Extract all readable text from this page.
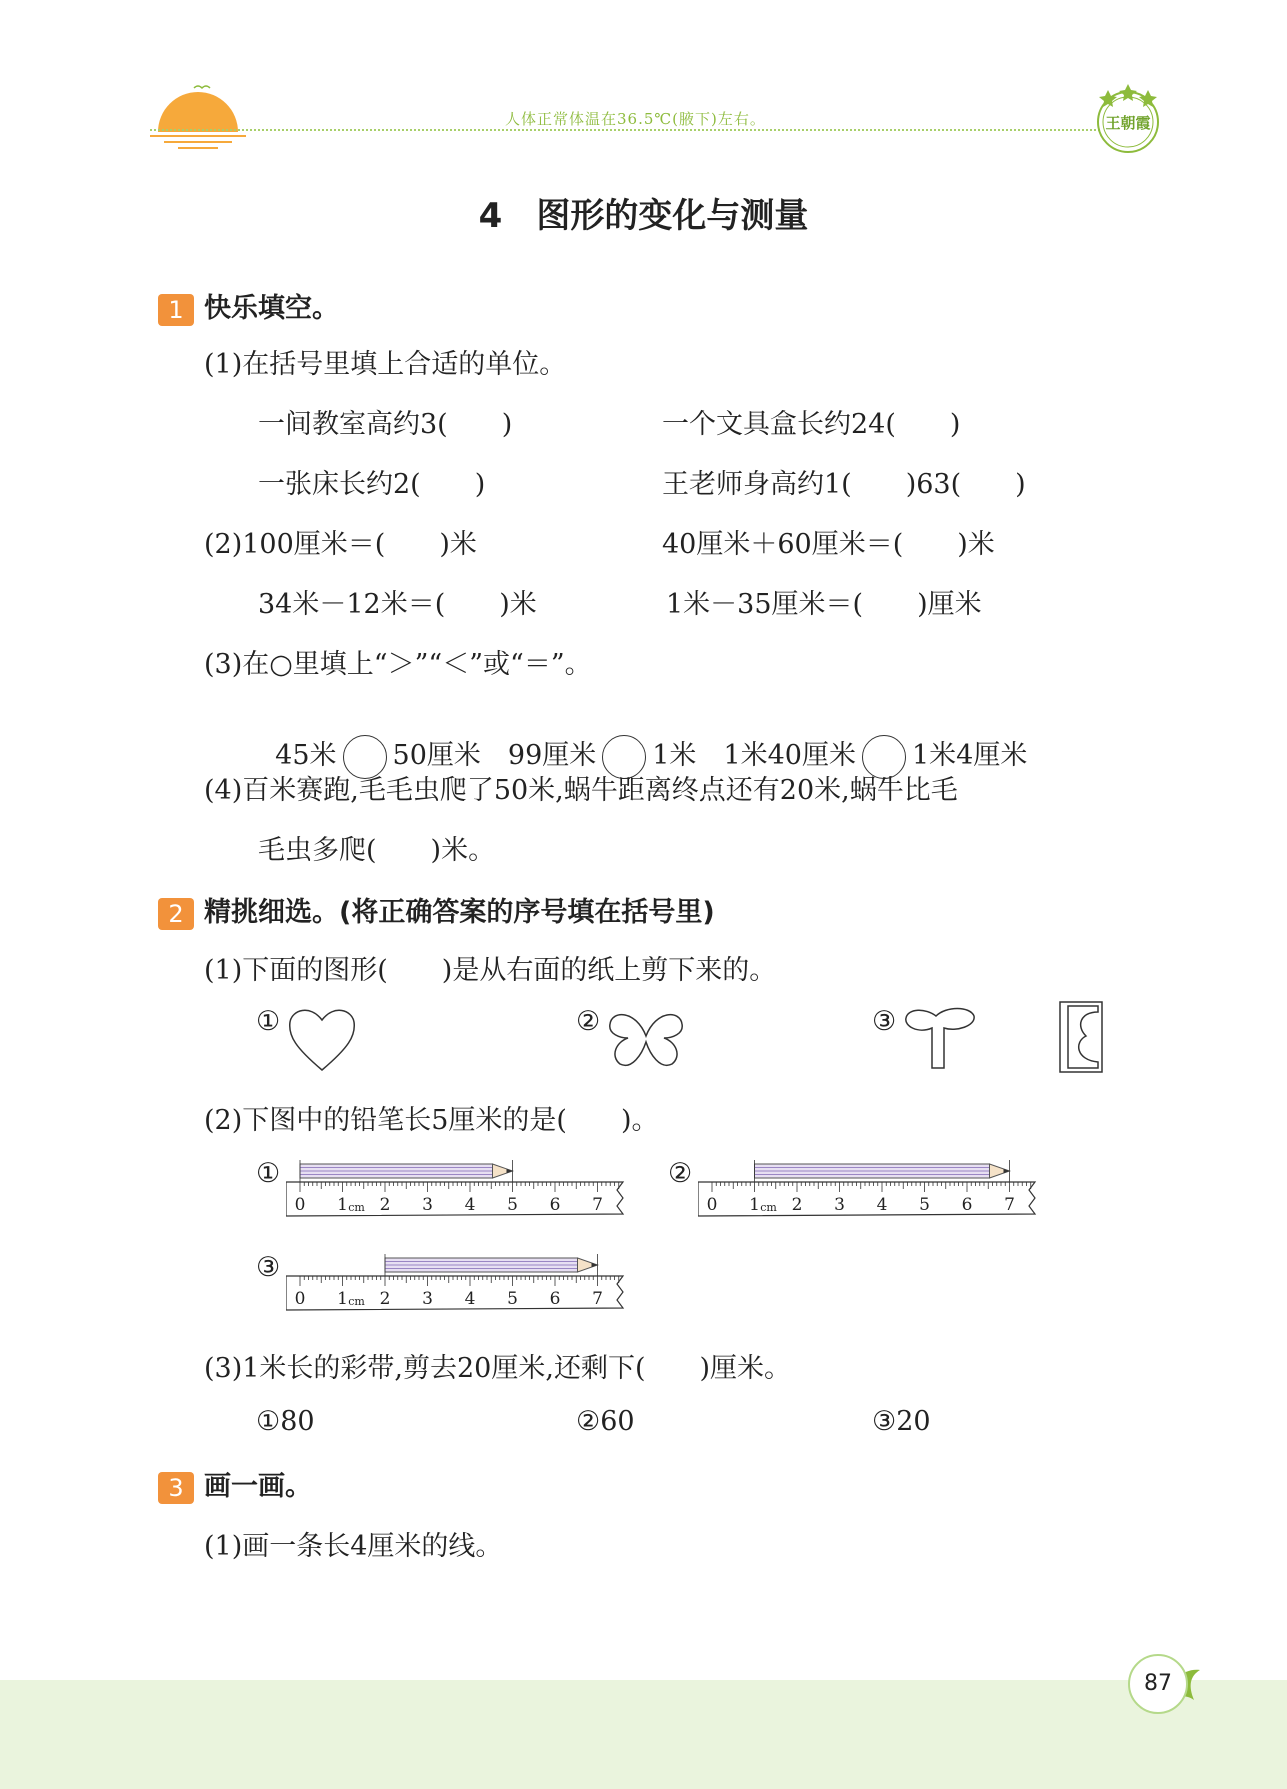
人体正常体温在36.5℃(腋下)左右。	王朝霞
4　图形的变化与测量
1 快乐填空。
(1)在括号里填上合适的单位。
一间教室高约3(　　)	一个文具盒长约24(　　)
一张床长约2(　　)	王老师身高约1(　　)63(　　)
(2)100厘米＝(　　)米	40厘米＋60厘米＝(　　)米
34米－12米＝(　　)米	1米－35厘米＝(　　)厘米
(3)在○里填上“＞”“＜”或“＝”。

45米 50厘米　 99厘米 1米　 1米40厘米 1米4厘米

(4)百米赛跑,毛毛虫爬了50米,蜗牛距离终点还有20米,蜗牛比毛
毛虫多爬(　　)米。
2 精挑细选。(将正确答案的序号填在括号里)
(1)下面的图形(　　)是从右面的纸上剪下来的。
①	②	③
(2)下图中的铅笔长5厘米的是(　　)。
①
0 1 cm 2 3 4 5 6 7
②
0 1 cm 2 3 4 5 6 7
③
0 1 cm 2 3 4 5 6 7
(3)1米长的彩带,剪去20厘米,还剩下(　　)厘米。
①80	②60	③20
3 画一画。
(1)画一条长4厘米的线。
87
